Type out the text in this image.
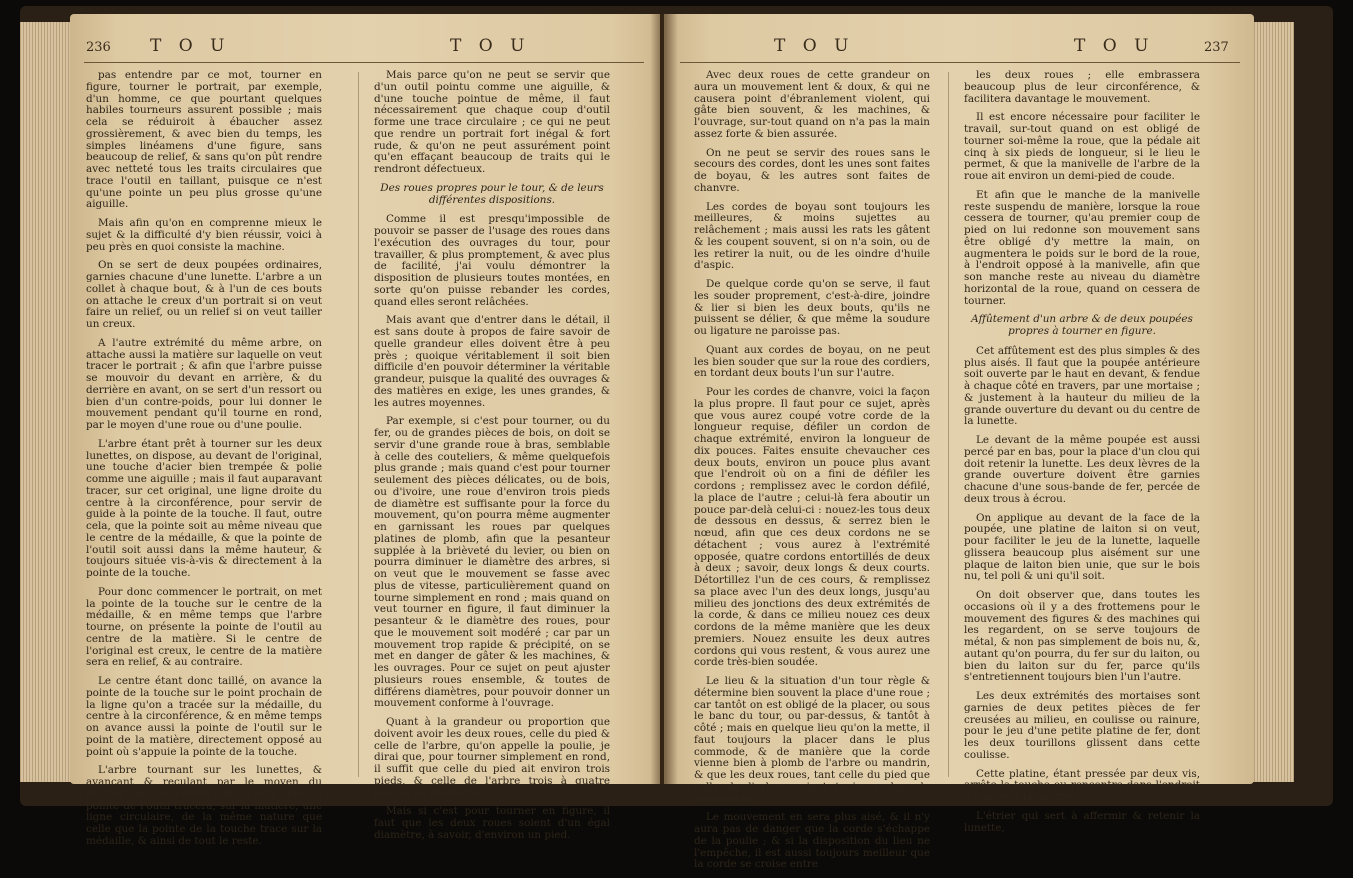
236 T O U	T O U

pas entendre par ce mot, tourner en figure, tourner le portrait, par exemple, d'un homme, ce que pourtant quelques habiles tourneurs assurent possible ; mais cela se réduiroit à ébaucher assez grossièrement, & avec bien du temps, les simples linéamens d'une figure, sans beaucoup de relief, & sans qu'on pût rendre avec netteté tous les traits circulaires que trace l'outil en taillant, puisque ce n'est qu'une pointe un peu plus grosse qu'une aiguille.

Mais afin qu'on en comprenne mieux le sujet & la difficulté d'y bien réussir, voici à peu près en quoi consiste la machine.

On se sert de deux poupées ordinaires, garnies chacune d'une lunette. L'arbre a un collet à chaque bout, & à l'un de ces bouts on attache le creux d'un portrait si on veut faire un relief, ou un relief si on veut tailler un creux.

A l'autre extrémité du même arbre, on attache aussi la matière sur laquelle on veut tracer le portrait ; & afin que l'arbre puisse se mouvoir du devant en arrière, & du derrière en avant, on se sert d'un ressort ou bien d'un contre-poids, pour lui donner le mouvement pendant qu'il tourne en rond, par le moyen d'une roue ou d'une poulie.

L'arbre étant prêt à tourner sur les deux lunettes, on dispose, au devant de l'original, une touche d'acier bien trempée & polie comme une aiguille ; mais il faut auparavant tracer, sur cet original, une ligne droite du centre à la circonférence, pour servir de guide à la pointe de la touche. Il faut, outre cela, que la pointe soit au même niveau que le centre de la médaille, & que la pointe de l'outil soit aussi dans la même hauteur, & toujours située vis-à-vis & directement à la pointe de la touche.

Pour donc commencer le portrait, on met la pointe de la touche sur le centre de la médaille, & en même temps que l'arbre tourne, on présente la pointe de l'outil au centre de la matière. Si le centre de l'original est creux, le centre de la matière sera en relief, & au contraire.

Le centre étant donc taillé, on avance la pointe de la touche sur le point prochain de la ligne qu'on a tracée sur la médaille, du centre à la circonférence, & en même temps on avance aussi la pointe de l'outil sur le point de la matière, directement opposé au point où s'appuie la pointe de la touche.

L'arbre tournant sur les lunettes, & avançant & reculant par le moyen du ressort ou du contre-poids, fera que la pointe de l'outil tracera, sur la matière, une ligne circulaire, de la même nature que celle que la pointe de la touche trace sur la médaille, & ainsi de tout le reste.

Mais parce qu'on ne peut se servir que d'un outil pointu comme une aiguille, & d'une touche pointue de même, il faut nécessairement que chaque coup d'outil forme une trace circulaire ; ce qui ne peut que rendre un portrait fort inégal & fort rude, & qu'on ne peut assurément point qu'en effaçant beaucoup de traits qui le rendront défectueux.

Des roues propres pour le tour, & de leurs différentes dispositions.

Comme il est presqu'impossible de pouvoir se passer de l'usage des roues dans l'exécution des ouvrages du tour, pour travailler, & plus promptement, & avec plus de facilité, j'ai voulu démontrer la disposition de plusieurs toutes montées, en sorte qu'on puisse rebander les cordes, quand elles seront relâchées.

Mais avant que d'entrer dans le détail, il est sans doute à propos de faire savoir de quelle grandeur elles doivent être à peu près ; quoique véritablement il soit bien difficile d'en pouvoir déterminer la véritable grandeur, puisque la qualité des ouvrages & des matières en exige, les unes grandes, & les autres moyennes.

Par exemple, si c'est pour tourner, ou du fer, ou de grandes pièces de bois, on doit se servir d'une grande roue à bras, semblable à celle des couteliers, & même quelquefois plus grande ; mais quand c'est pour tourner seulement des pièces délicates, ou de bois, ou d'ivoire, une roue d'environ trois pieds de diamètre est suffisante pour la force du mouvement, qu'on pourra même augmenter en garnissant les roues par quelques platines de plomb, afin que la pesanteur supplée à la brièveté du levier, ou bien on pourra diminuer le diamètre des arbres, si on veut que le mouvement se fasse avec plus de vitesse, particulièrement quand on tourne simplement en rond ; mais quand on veut tourner en figure, il faut diminuer la pesanteur & le diamètre des roues, pour que le mouvement soit modéré ; car par un mouvement trop rapide & précipité, on se met en danger de gâter & les machines, & les ouvrages. Pour ce sujet on peut ajuster plusieurs roues ensemble, & toutes de différens diamètres, pour pouvoir donner un mouvement conforme à l'ouvrage.

Quant à la grandeur ou proportion que doivent avoir les deux roues, celle du pied & celle de l'arbre, qu'on appelle la poulie, je dirai que, pour tourner simplement en rond, il suffit que celle du pied ait environ trois pieds, & celle de l'arbre trois à quatre pouces de diamètre.

Mais si c'est pour tourner en figure, il faut que les deux roues soient d'un égal diamètre, à savoir, d'environ un pied.

T O U	T O U	237

Avec deux roues de cette grandeur on aura un mouvement lent & doux, & qui ne causera point d'ébranlement violent, qui gâte bien souvent, & les machines, & l'ouvrage, sur-tout quand on n'a pas la main assez forte & bien assurée.

On ne peut se servir des roues sans le secours des cordes, dont les unes sont faites de boyau, & les autres sont faites de chanvre.

Les cordes de boyau sont toujours les meilleures, & moins sujettes au relâchement ; mais aussi les rats les gâtent & les coupent souvent, si on n'a soin, ou de les retirer la nuit, ou de les oindre d'huile d'aspic.

De quelque corde qu'on se serve, il faut les souder proprement, c'est-à-dire, joindre & lier si bien les deux bouts, qu'ils ne puissent se délier, & que même la soudure ou ligature ne paroisse pas.

Quant aux cordes de boyau, on ne peut les bien souder que sur la roue des cordiers, en tordant deux bouts l'un sur l'autre.

Pour les cordes de chanvre, voici la façon la plus propre. Il faut pour ce sujet, après que vous aurez coupé votre corde de la longueur requise, défiler un cordon de chaque extrémité, environ la longueur de dix pouces. Faites ensuite chevaucher ces deux bouts, environ un pouce plus avant que l'endroit où on a fini de défiler les cordons ; remplissez avec le cordon défilé, la place de l'autre ; celui-là fera aboutir un pouce par-delà celui-ci : nouez-les tous deux de dessous en dessus, & serrez bien le nœud, afin que ces deux cordons ne se détachent ; vous aurez à l'extrémité opposée, quatre cordons entortillés de deux à deux ; savoir, deux longs & deux courts. Détortillez l'un de ces cours, & remplissez sa place avec l'un des deux longs, jusqu'au milieu des jonctions des deux extrémités de la corde, & dans ce milieu nouez ces deux cordons de la même manière que les deux premiers. Nouez ensuite les deux autres cordons qui vous restent, & vous aurez une corde très-bien soudée.

Le lieu & la situation d'un tour règle & détermine bien souvent la place d'une roue ; car tantôt on est obligé de la placer, ou sous le banc du tour, ou par-dessus, & tantôt à côté ; mais en quelque lieu qu'on la mette, il faut toujours la placer dans le plus commode, & de manière que la corde vienne bien à plomb de l'arbre ou mandrin, & que les deux roues, tant celle du pied que celle de l'arbre, soient toujours dans le même plan.

Le mouvement en sera plus aisé, & il n'y aura pas de danger que la corde s'échappe de la poulie ; & si la disposition du lieu ne l'empêche, il est aussi toujours meilleur que la corde se croise entre

les deux roues ; elle embrassera beaucoup plus de leur circonférence, & facilitera davantage le mouvement.

Il est encore nécessaire pour faciliter le travail, sur-tout quand on est obligé de tourner soi-même la roue, que la pédale ait cinq à six pieds de longueur, si le lieu le permet, & que la manivelle de l'arbre de la roue ait environ un demi-pied de coude.

Et afin que le manche de la manivelle reste suspendu de manière, lorsque la roue cessera de tourner, qu'au premier coup de pied on lui redonne son mouvement sans être obligé d'y mettre la main, on augmentera le poids sur le bord de la roue, à l'endroit opposé à la manivelle, afin que son manche reste au niveau du diamètre horizontal de la roue, quand on cessera de tourner.

Affûtement d'un arbre & de deux poupées propres à tourner en figure.

Cet affûtement est des plus simples & des plus aisés. Il faut que la poupée antérieure soit ouverte par le haut en devant, & fendue à chaque côté en travers, par une mortaise ; & justement à la hauteur du milieu de la grande ouverture du devant ou du centre de la lunette.

Le devant de la même poupée est aussi percé par en bas, pour la place d'un clou qui doit retenir la lunette. Les deux lèvres de la grande ouverture doivent être garnies chacune d'une sous-bande de fer, percée de deux trous à écrou.

On applique au devant de la face de la poupée, une platine de laiton si on veut, pour faciliter le jeu de la lunette, laquelle glissera beaucoup plus aisément sur une plaque de laiton bien unie, que sur le bois nu, tel poli & uni qu'il soit.

On doit observer que, dans toutes les occasions où il y a des frottemens pour le mouvement des figures & des machines qui les regardent, on se serve toujours de métal, & non pas simplement de bois nu, &, autant qu'on pourra, du fer sur du laiton, ou bien du laiton sur du fer, parce qu'ils s'entretiennent toujours bien l'un l'autre.

Les deux extrémités des mortaises sont garnies de deux petites pièces de fer creusées au milieu, en coulisse ou rainure, pour le jeu d'une petite platine de fer, dont les deux tourillons glissent dans cette coulisse.

Cette platine, étant pressée par deux vis, arrête la touche ou rencontre dans l'endroit où on veut la mettre.

L'étrier qui sert à affermir & retenir la lunette,
